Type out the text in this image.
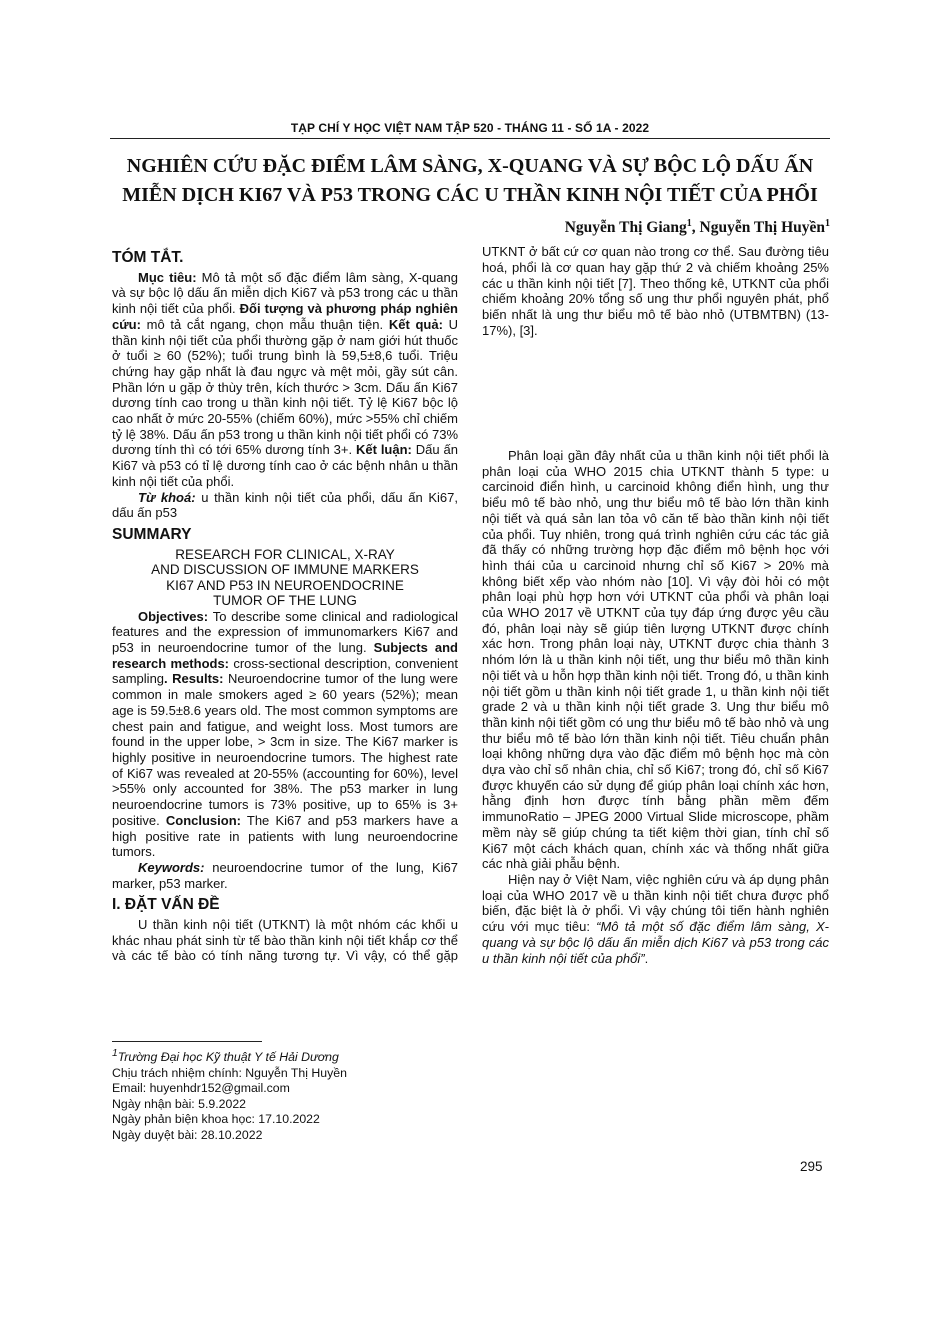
TẠP CHÍ Y HỌC VIỆT NAM TẬP 520 - THÁNG 11 - SỐ 1A - 2022
NGHIÊN CỨU ĐẶC ĐIỂM LÂM SÀNG, X-QUANG VÀ SỰ BỘC LỘ DẤU ẤN MIỄN DỊCH KI67 VÀ P53 TRONG CÁC U THẦN KINH NỘI TIẾT CỦA PHỔI
Nguyễn Thị Giang$^1$, Nguyễn Thị Huyền$^1$
TÓM TẮT.

Mục tiêu: Mô tả một số đặc điểm lâm sàng, X-quang và sự bộc lộ dấu ấn miễn dịch Ki67 và p53 trong các u thần kinh nội tiết của phổi. Đối tượng và phương pháp nghiên cứu: mô tả cắt ngang, chọn mẫu thuận tiện. Kết quả: U thần kinh nội tiết của phổi thường gặp ở nam giới hút thuốc ở tuổi ≥ 60 (52%); tuổi trung bình là 59,5±8,6 tuổi. Triệu chứng hay gặp nhất là đau ngực và mệt mỏi, gầy sút cân. Phần lớn u gặp ở thùy trên, kích thước > 3cm. Dấu ấn Ki67 dương tính cao trong u thần kinh nội tiết. Tỷ lệ Ki67 bộc lộ cao nhất ở mức 20-55% (chiếm 60%), mức >55% chỉ chiếm tỷ lệ 38%. Dấu ấn p53 trong u thần kinh nội tiết phổi có 73% dương tính thì có tới 65% dương tính 3+. Kết luận: Dấu ấn Ki67 và p53 có tỉ lệ dương tính cao ở các bệnh nhân u thần kinh nội tiết của phổi.

Từ khoá: u thần kinh nội tiết của phổi, dấu ấn Ki67, dấu ấn p53

SUMMARY
RESEARCH FOR CLINICAL, X-RAY
AND DISCUSSION OF IMMUNE MARKERS
KI67 AND P53 IN NEUROENDOCRINE
TUMOR OF THE LUNG

Objectives: To describe some clinical and radiological features and the expression of immunomarkers Ki67 and p53 in neuroendocrine tumor of the lung. Subjects and research methods: cross-sectional description, convenient sampling. Results: Neuroendocrine tumor of the lung were common in male smokers aged ≥ 60 years (52%); mean age is 59.5±8.6 years old. The most common symptoms are chest pain and fatigue, and weight loss. Most tumors are found in the upper lobe, > 3cm in size. The Ki67 marker is highly positive in neuroendocrine tumors. The highest rate of Ki67 was revealed at 20-55% (accounting for 60%), level >55% only accounted for 38%. The p53 marker in lung neuroendocrine tumors is 73% positive, up to 65% is 3+ positive. Conclusion: The Ki67 and p53 markers have a high positive rate in patients with lung neuroendocrine tumors.

Keywords: neuroendocrine tumor of the lung, Ki67 marker, p53 marker.

I. ĐẶT VẤN ĐỀ

U thần kinh nội tiết (UTKNT) là một nhóm các khối u khác nhau phát sinh từ tế bào thần kinh nội tiết khắp cơ thể và các tế bào có tính năng tương tự. Vì vậy, có thể gặp

UTKNT ở bất cứ cơ quan nào trong cơ thể. Sau đường tiêu hoá, phổi là cơ quan hay gặp thứ 2 và chiếm khoảng 25% các u thần kinh nội tiết [7]. Theo thống kê, UTKNT của phổi chiếm khoảng 20% tổng số ung thư phổi nguyên phát, phổ biến nhất là ung thư biểu mô tế bào nhỏ (UTBMTBN) (13-17%), [3].

Phân loại gần đây nhất của u thần kinh nội tiết phổi là phân loại của WHO 2015 chia UTKNT thành 5 type: u carcinoid điển hình, u carcinoid không điển hình, ung thư biểu mô tế bào nhỏ, ung thư biểu mô tế bào lớn thần kinh nội tiết và quá sản lan tỏa vô căn tế bào thần kinh nội tiết của phổi. Tuy nhiên, trong quá trình nghiên cứu các tác giả đã thấy có những trường hợp đặc điểm mô bệnh học với hình thái của u carcinoid nhưng chỉ số Ki67 > 20% mà không biết xếp vào nhóm nào [10]. Vì vậy đòi hỏi có một phân loại phù hợp hơn với UTKNT của phổi và phân loại của WHO 2017 về UTKNT của tụy đáp ứng được yêu cầu đó, phân loại này sẽ giúp tiên lượng UTKNT được chính xác hơn. Trong phân loại này, UTKNT được chia thành 3 nhóm lớn là u thần kinh nội tiết, ung thư biểu mô thần kinh nội tiết và u hỗn hợp thần kinh nội tiết. Trong đó, u thần kinh nội tiết gồm u thần kinh nội tiết grade 1, u thần kinh nội tiết grade 2 và u thần kinh nội tiết grade 3. Ung thư biểu mô thần kinh nội tiết gồm có ung thư biểu mô tế bào nhỏ và ung thư biểu mô tế bào lớn thần kinh nội tiết. Tiêu chuẩn phân loại không những dựa vào đặc điểm mô bệnh học mà còn dựa vào chỉ số nhân chia, chỉ số Ki67; trong đó, chỉ số Ki67 được khuyến cáo sử dụng để giúp phân loại chính xác hơn, hằng định hơn được tính bằng phần mềm đếm immunoRatio – JPEG 2000 Virtual Slide microscope, phầm mềm này sẽ giúp chúng ta tiết kiệm thời gian, tính chỉ số Ki67 một cách khách quan, chính xác và thống nhất giữa các nhà giải phẫu bệnh.

Hiện nay ở Việt Nam, việc nghiên cứu và áp dụng phân loại của WHO 2017 về u thần kinh nội tiết chưa được phổ biến, đặc biệt là ở phổi. Vì vậy chúng tôi tiến hành nghiên cứu với mục tiêu: “Mô tả một số đặc điểm lâm sàng, X-quang và sự bộc lộ dấu ấn miễn dịch Ki67 và p53 trong các u thần kinh nội tiết của phổi”.

$^1$Trường Đại học Kỹ thuật Y tế Hải Dương
Chịu trách nhiệm chính: Nguyễn Thị Huyền
Email: huyenhdr152@gmail.com
Ngày nhận bài: 5.9.2022
Ngày phản biện khoa học: 17.10.2022
Ngày duyệt bài: 28.10.2022
295
